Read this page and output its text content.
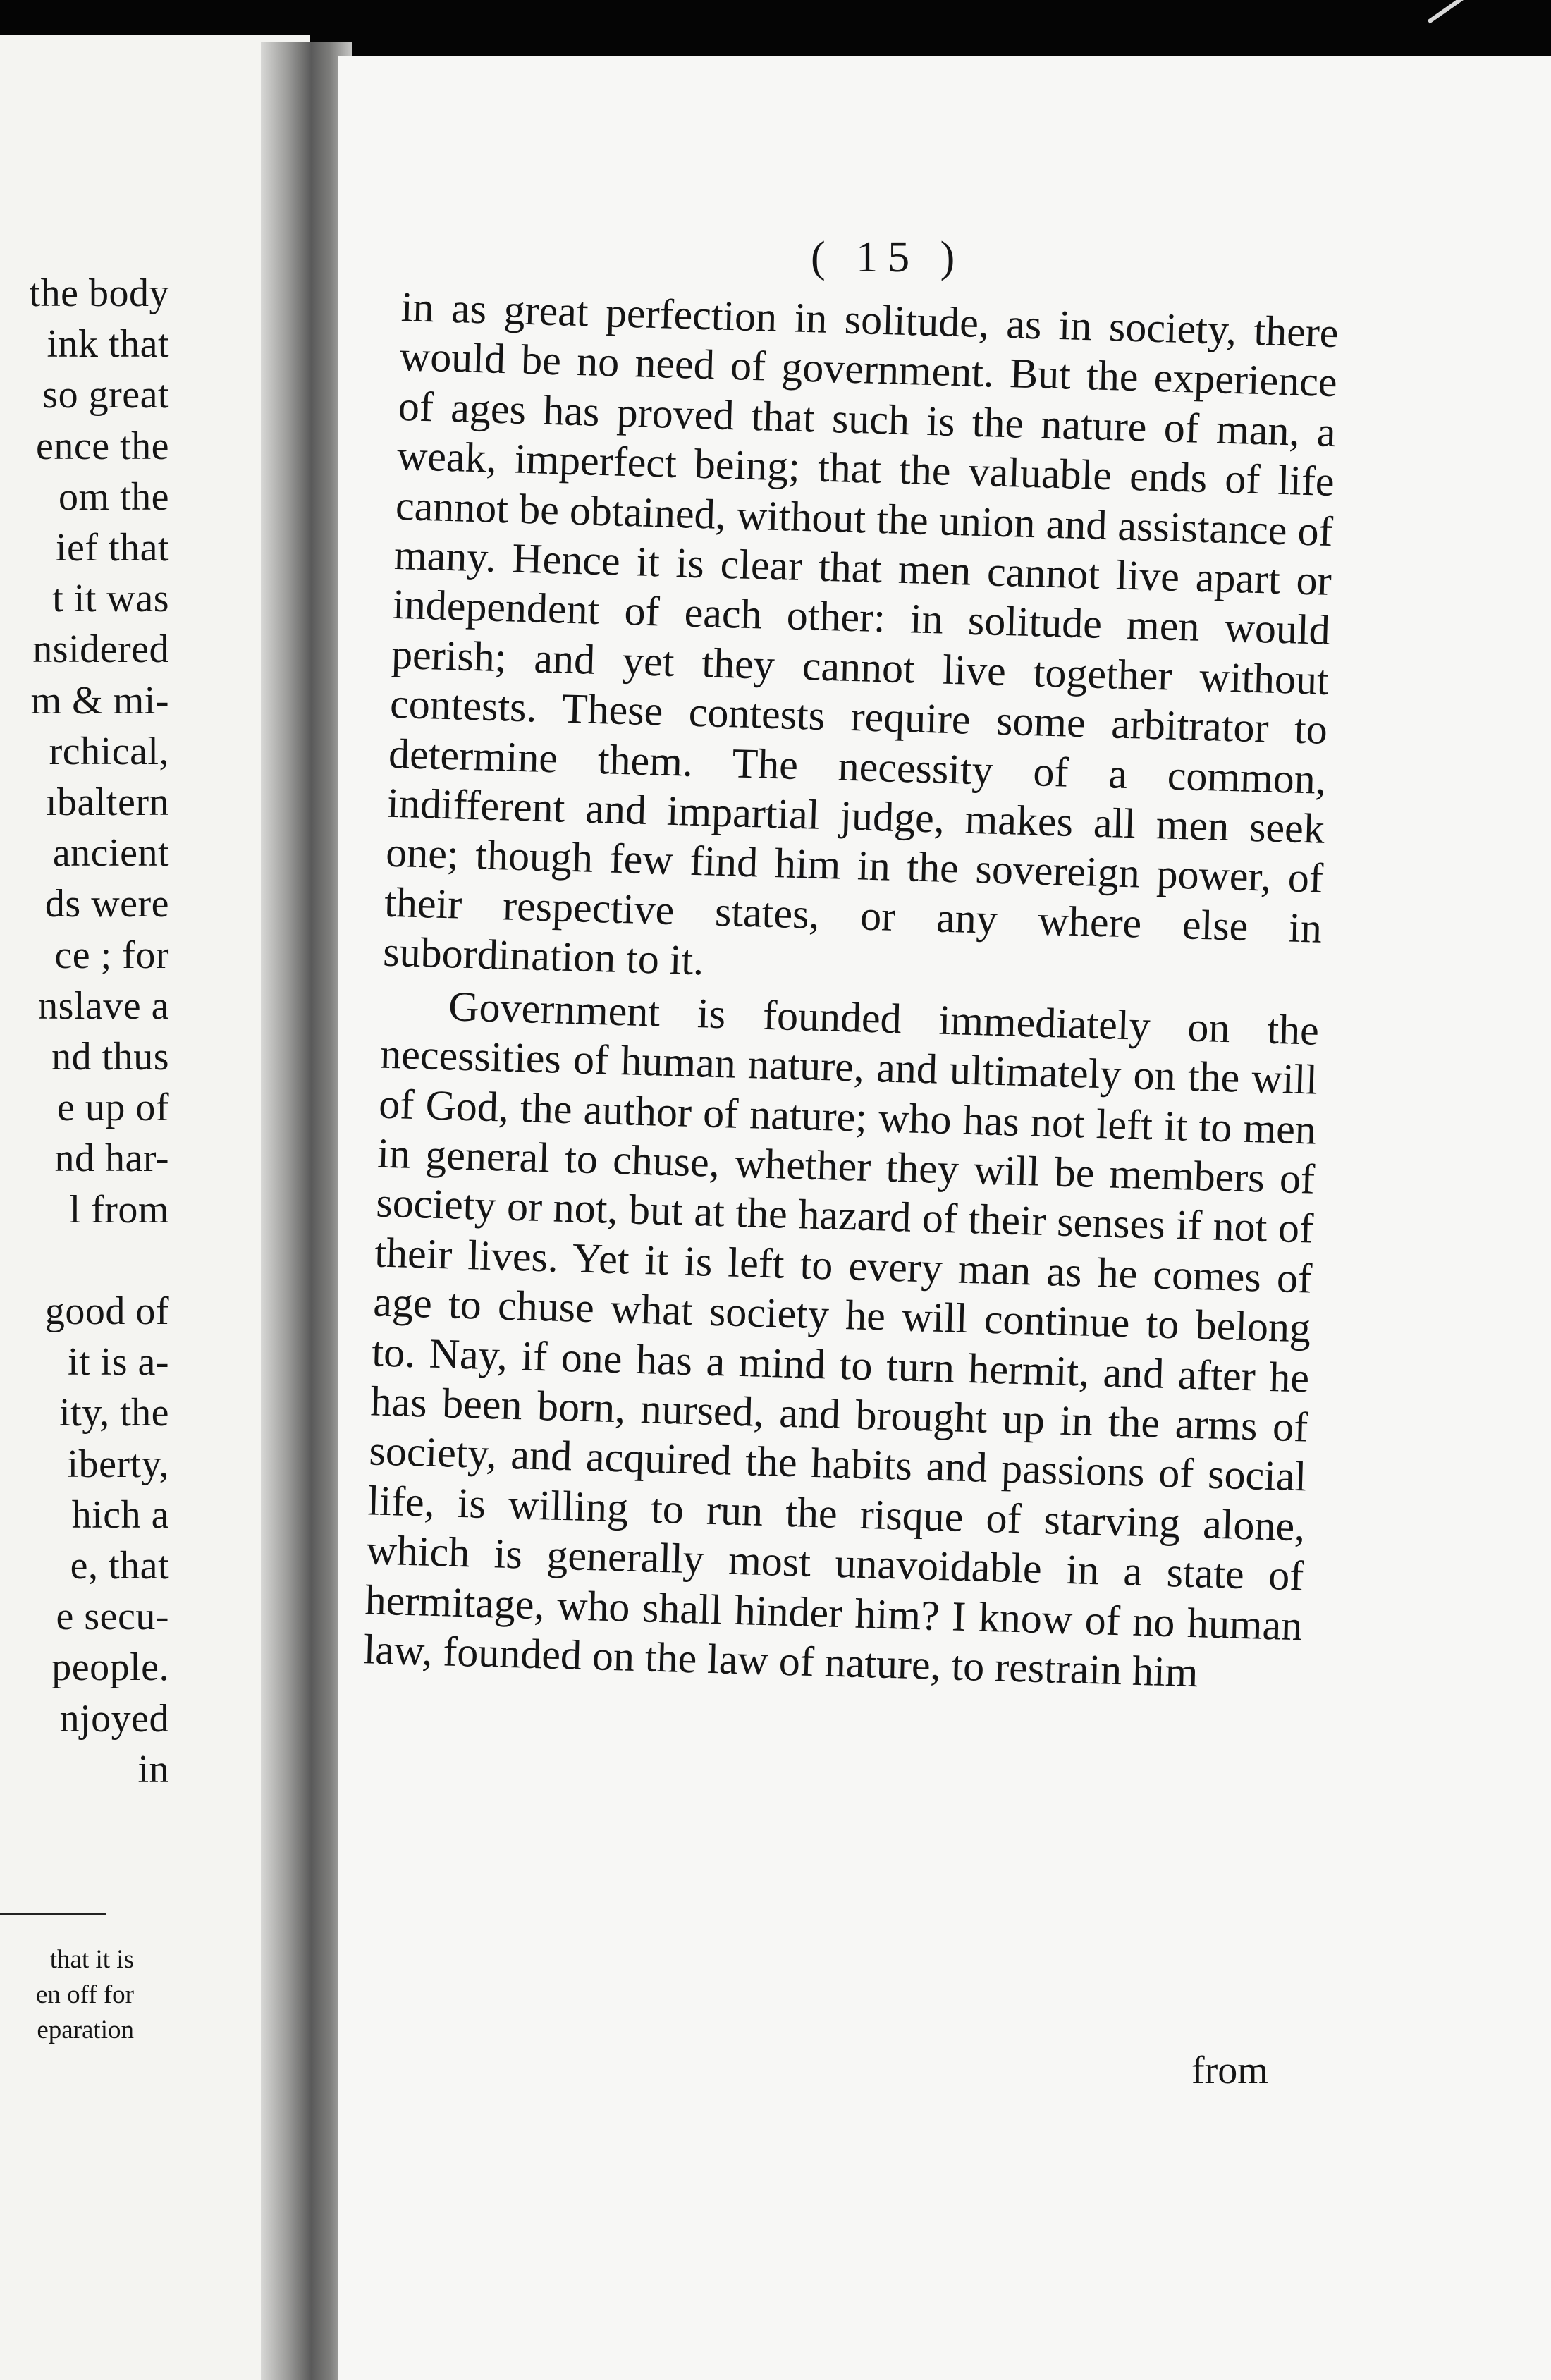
the body
ink that
so great
ence the
om the
ief that
t it was
nsidered
m & mi-
rchical,
ıbaltern
ancient
ds were
ce ; for
nslave a
nd thus
e up of
nd har-
l from

good of
it is a-
ity, the
iberty,
hich a
e, that
e secu-
people.
njoyed
in
that it is
en off for
eparation
( 15 )

in as great perfection in solitude, as in society, there would be no need of government. But the experience of ages has proved that such is the nature of man, a weak, imperfect being; that the valuable ends of life cannot be obtained, without the union and assistance of many. Hence it is clear that men cannot live apart or independent of each other: in solitude men would perish; and yet they cannot live together without contests. These contests require some arbitrator to determine them. The necessity of a common, indifferent and impartial judge, makes all men seek one; though few find him in the sovereign power, of their respective states, or any where else in subordination to it.

Government is founded immediately on the necessities of human nature, and ultimately on the will of God, the author of nature; who has not left it to men in general to chuse, whether they will be members of society or not, but at the hazard of their senses if not of their lives. Yet it is left to every man as he comes of age to chuse what society he will continue to belong to. Nay, if one has a mind to turn hermit, and after he has been born, nursed, and brought up in the arms of society, and acquired the habits and passions of social life, is willing to run the risque of starving alone, which is generally most unavoidable in a state of hermitage, who shall hinder him? I know of no human law, founded on the law of nature, to restrain him

from
